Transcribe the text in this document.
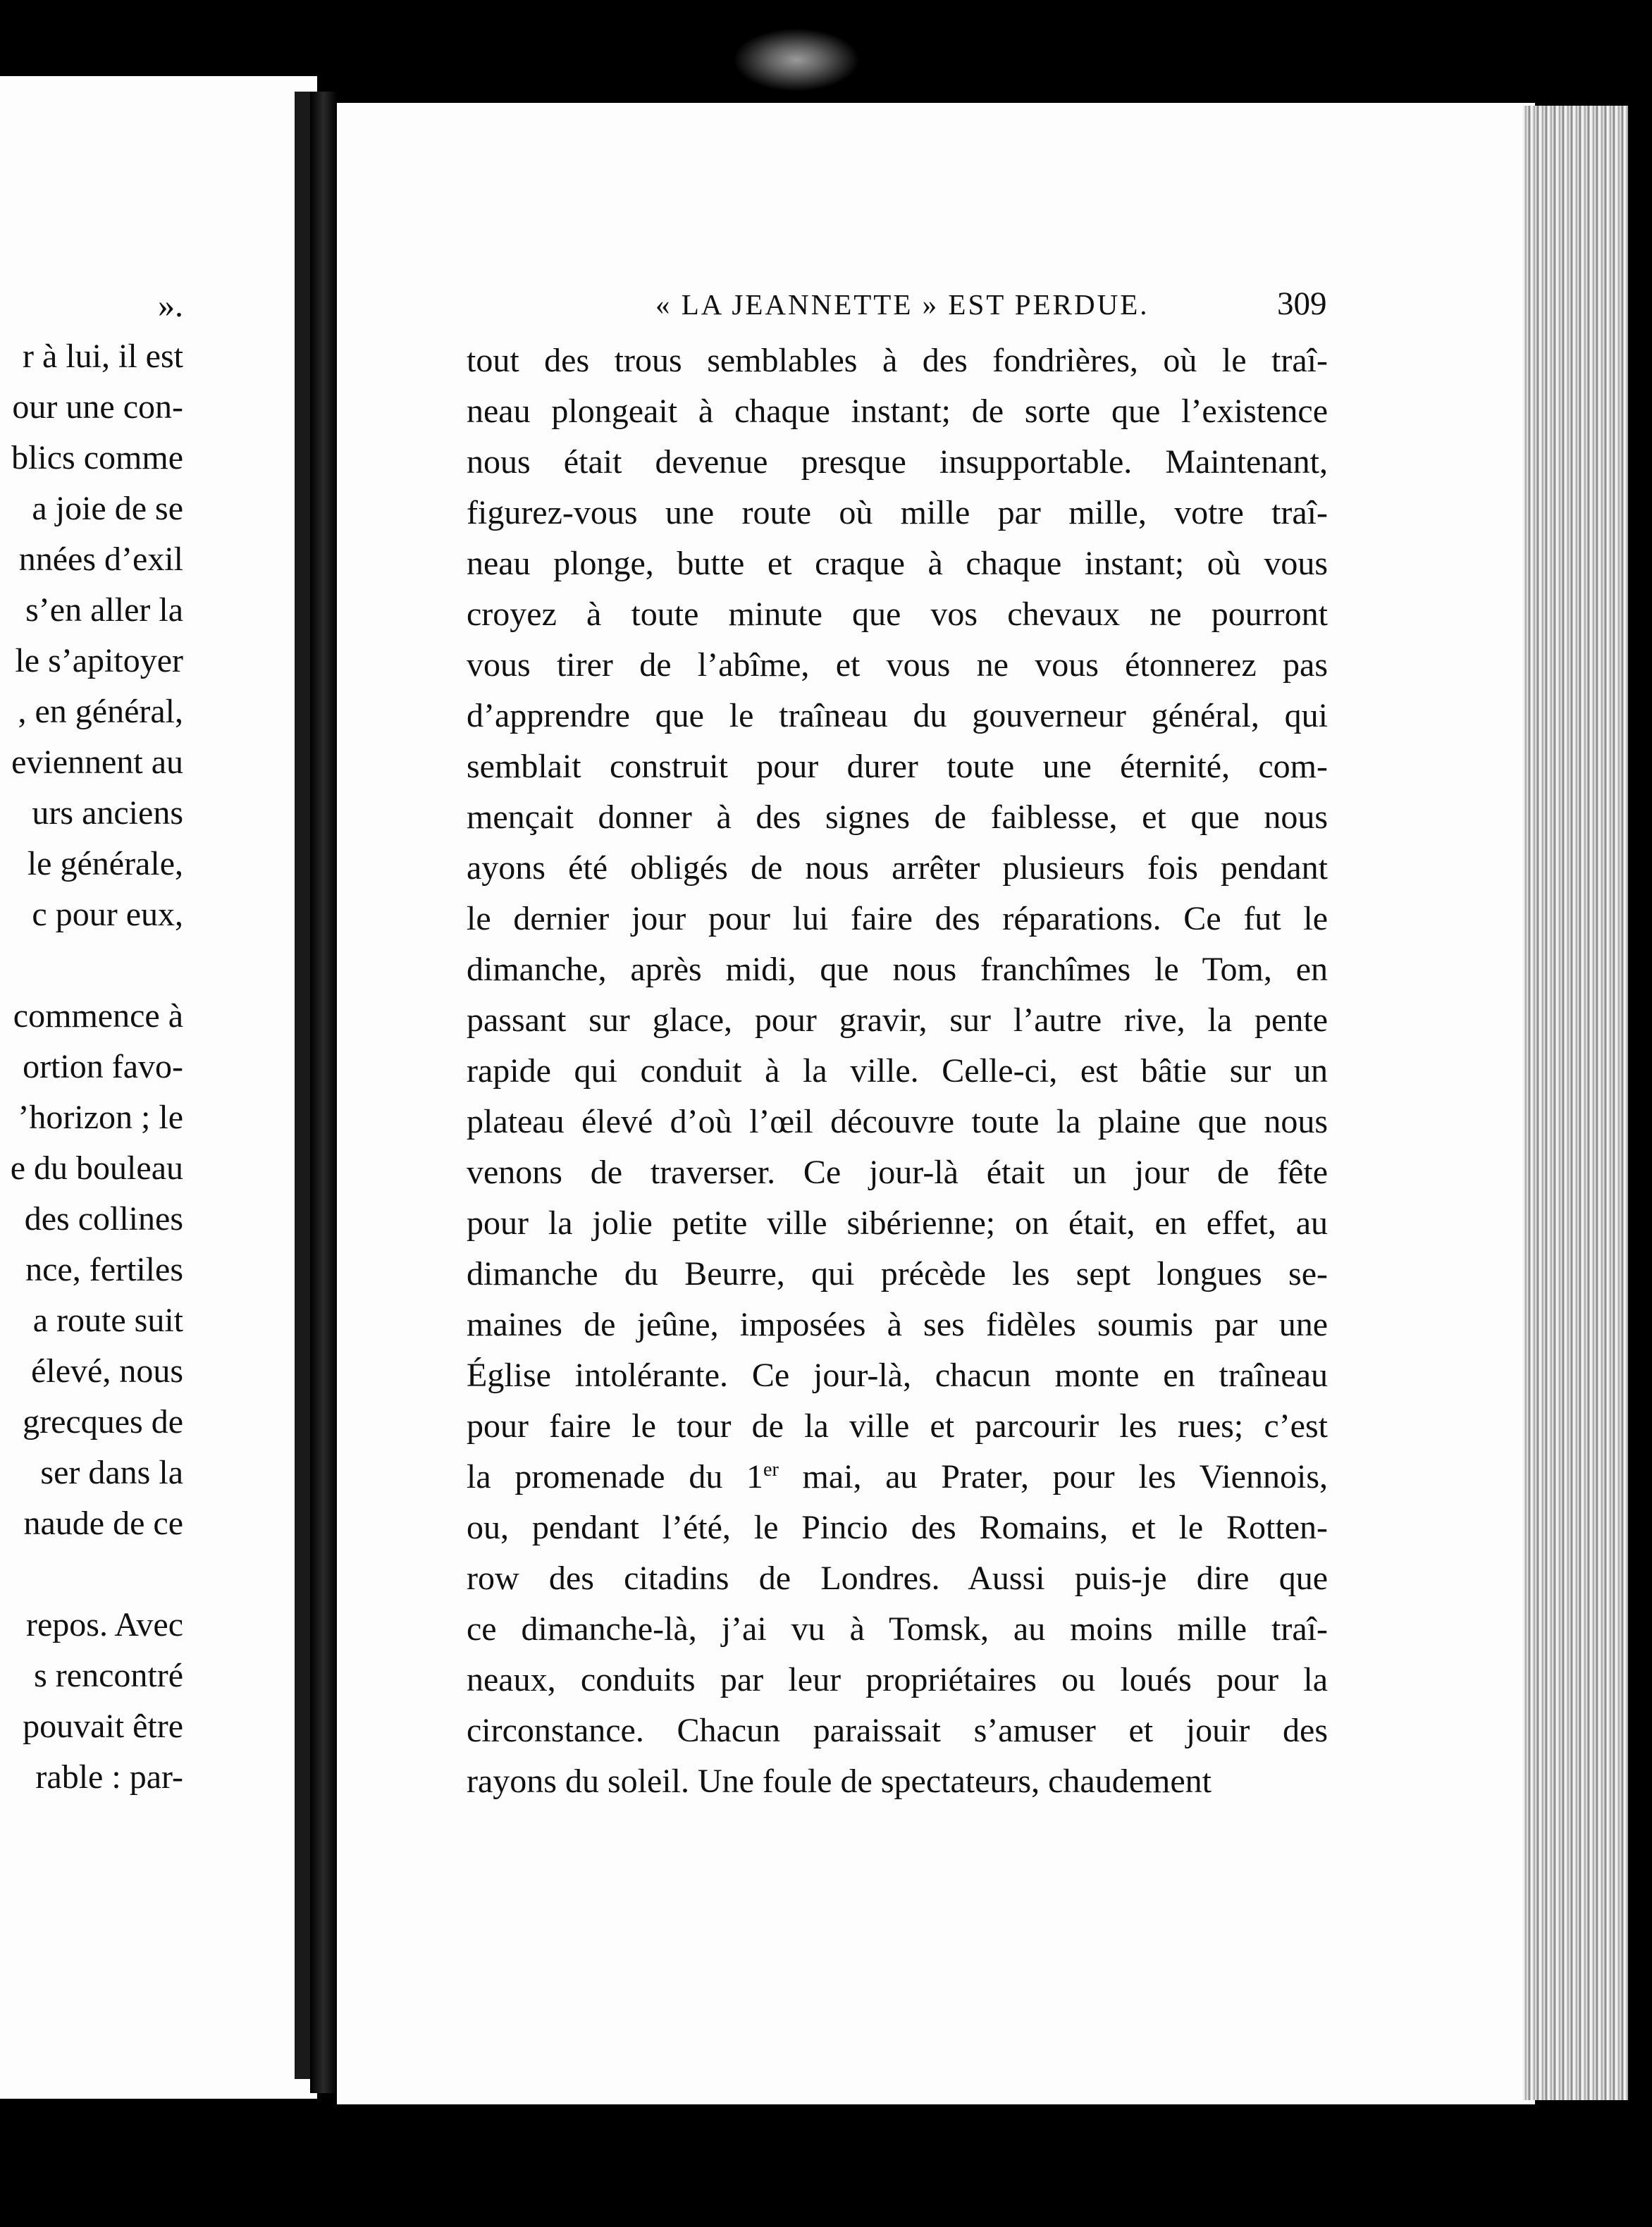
« LA JEANNETTE » EST PERDUE.	309
».
r à lui, il est
our une con-
blics comme
a joie de se
nnées d’exil
s’en aller la
le s’apitoyer
, en général,
eviennent au
urs anciens
le générale,
c pour eux,
commence à
ortion favo-
’horizon ; le
e du bouleau
des collines
nce, fertiles
a route suit
élevé, nous
grecques de
ser dans la
naude de ce
repos. Avec
s rencontré
pouvait être
rable : par-
tout des trous semblables à des fondrières, où le traî-
neau plongeait à chaque instant; de sorte que l’existence
nous était devenue presque insupportable. Maintenant,
figurez-vous une route où mille par mille, votre traî-
neau plonge, butte et craque à chaque instant; où vous
croyez à toute minute que vos chevaux ne pourront
vous tirer de l’abîme, et vous ne vous étonnerez pas
d’apprendre que le traîneau du gouverneur général, qui
semblait construit pour durer toute une éternité, com-
mençait donner à des signes de faiblesse, et que nous
ayons été obligés de nous arrêter plusieurs fois pendant
le dernier jour pour lui faire des réparations. Ce fut le
dimanche, après midi, que nous franchîmes le Tom, en
passant sur glace, pour gravir, sur l’autre rive, la pente
rapide qui conduit à la ville. Celle-ci, est bâtie sur un
plateau élevé d’où l’œil découvre toute la plaine que nous
venons de traverser. Ce jour-là était un jour de fête
pour la jolie petite ville sibérienne; on était, en effet, au
dimanche du Beurre, qui précède les sept longues se-
maines de jeûne, imposées à ses fidèles soumis par une
Église intolérante. Ce jour-là, chacun monte en traîneau
pour faire le tour de la ville et parcourir les rues; c’est
la promenade du 1er mai, au Prater, pour les Viennois,
ou, pendant l’été, le Pincio des Romains, et le Rotten-
row des citadins de Londres. Aussi puis-je dire que
ce dimanche-là, j’ai vu à Tomsk, au moins mille traî-
neaux, conduits par leur propriétaires ou loués pour la
circonstance. Chacun paraissait s’amuser et jouir des
rayons du soleil. Une foule de spectateurs, chaudement
